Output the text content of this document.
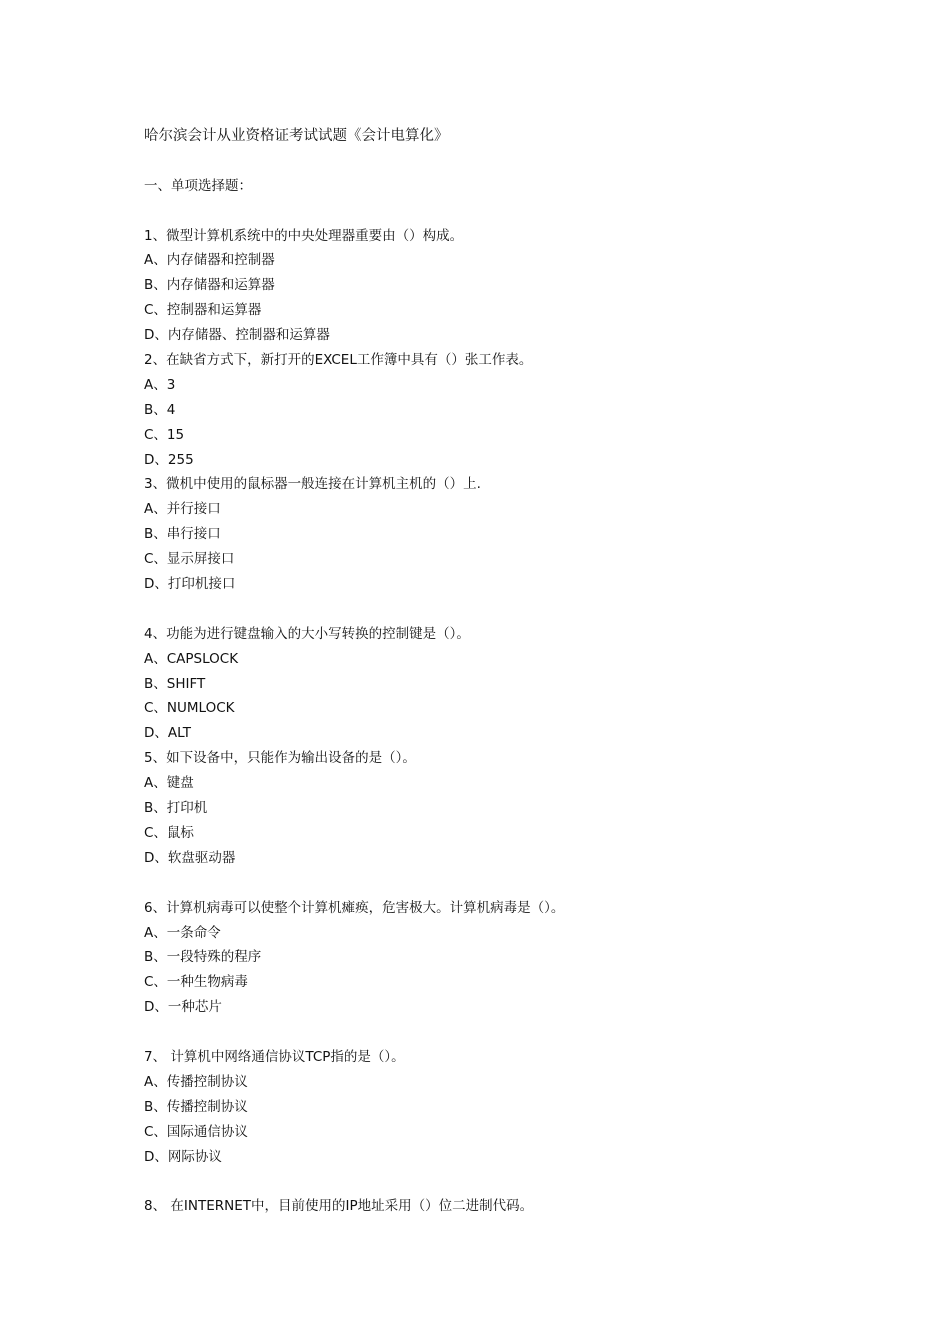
哈尔滨会计从业资格证考试试题《会计电算化》
一、单项选择题：
1、微型计算机系统中的中央处理器重要由（）构成。
A、内存储器和控制器
B、内存储器和运算器
C、控制器和运算器
D、内存储器、控制器和运算器
2、在缺省方式下，新打开的EXCEL工作簿中具有（）张工作表。
A、3
B、4
C、15
D、255
3、微机中使用的鼠标器一般连接在计算机主机的（）上.
A、并行接口
B、串行接口
C、显示屏接口
D、打印机接口
4、功能为进行键盘输入的大小写转换的控制键是（）。
A、CAPSLOCK
B、SHIFT
C、NUMLOCK
D、ALT
5、如下设备中，只能作为输出设备的是（）。
A、键盘
B、打印机
C、鼠标
D、软盘驱动器
6、计算机病毒可以使整个计算机瘫痪，危害极大。计算机病毒是（）。
A、一条命令
B、一段特殊的程序
C、一种生物病毒
D、一种芯片
7、 计算机中网络通信协议TCP指的是（）。
A、传播控制协议
B、传播控制协议
C、国际通信协议
D、网际协议
8、 在INTERNET中，目前使用的IP地址采用（）位二进制代码。
